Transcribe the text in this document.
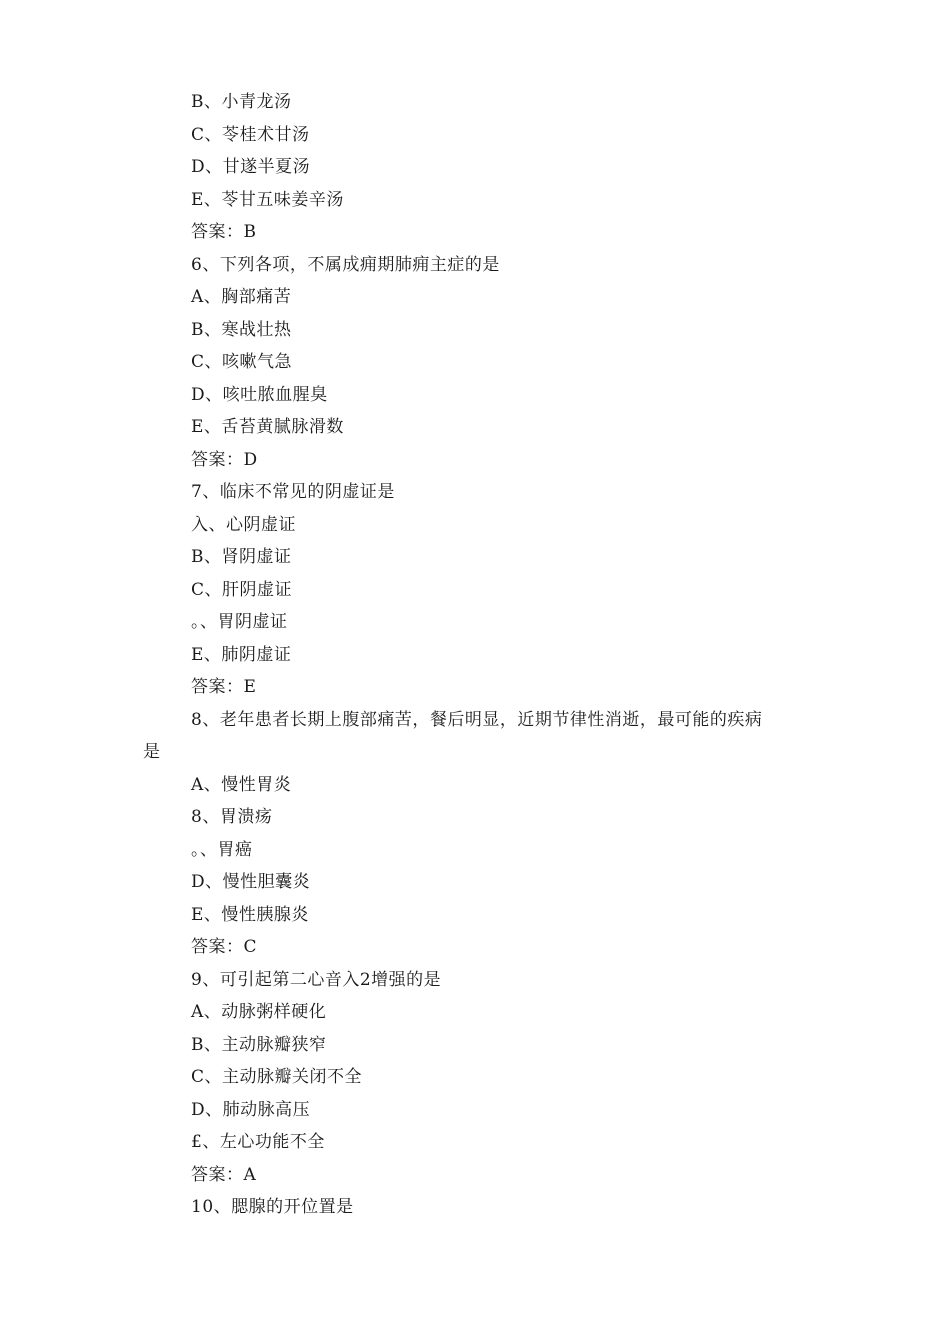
B、小青龙汤
C、苓桂术甘汤
D、甘遂半夏汤
E、苓甘五味姜辛汤
答案：B
6、下列各项，不属成痈期肺痈主症的是
A、胸部痛苦
B、寒战壮热
C、咳嗽气急
D、咳吐脓血腥臭
E、舌苔黄腻脉滑数
答案：D
7、临床不常见的阴虚证是
入、心阴虚证
B、肾阴虚证
C、肝阴虚证
。、胃阴虚证
E、肺阴虚证
答案：E
8、老年患者长期上腹部痛苦，餐后明显，近期节律性消逝，最可能的疾病
是
A、慢性胃炎
8、胃溃疡
。、胃癌
D、慢性胆囊炎
E、慢性胰腺炎
答案：C
9、可引起第二心音入2增强的是
A、动脉粥样硬化
B、主动脉瓣狭窄
C、主动脉瓣关闭不全
D、肺动脉高压
£、左心功能不全
答案：A
10、腮腺的开位置是
